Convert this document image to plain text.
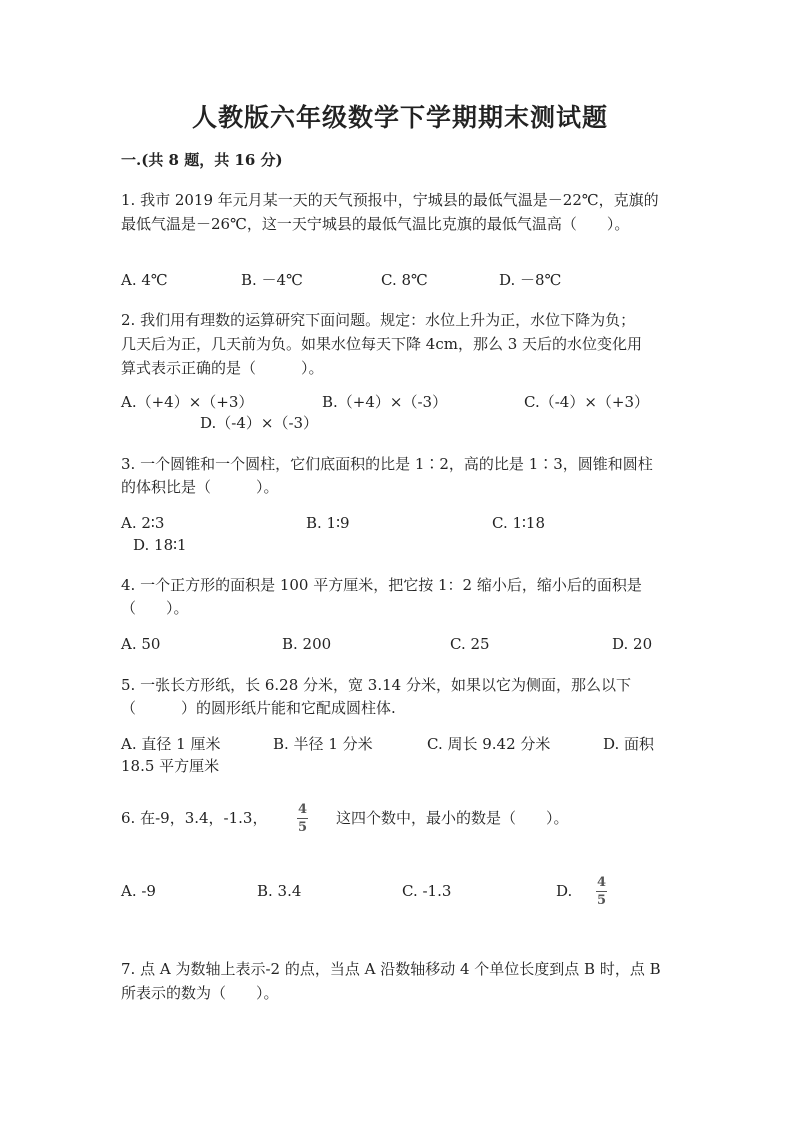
人教版六年级数学下学期期末测试题
一.(共 8 题，共 16 分)
1. 我市 2019 年元月某一天的天气预报中，宁城县的最低气温是－22℃，克旗的
最低气温是－26℃，这一天宁城县的最低气温比克旗的最低气温高（　　）。
A. 4℃	B. －4℃	C. 8℃	D. －8℃
2. 我们用有理数的运算研究下面问题。规定：水位上升为正，水位下降为负；
几天后为正，几天前为负。如果水位每天下降 4cm，那么 3 天后的水位变化用
算式表示正确的是（　　　）。
A.（+4）×（+3）	B.（+4）×（-3）	C.（-4）×（+3）
D.（-4）×（-3）
3. 一个圆锥和一个圆柱，它们底面积的比是 1∶2，高的比是 1∶3，圆锥和圆柱
的体积比是（　　　）。
A. 2∶3	B. 1∶9	C. 1∶18
D. 18∶1
4. 一个正方形的面积是 100 平方厘米，把它按 1：2 缩小后，缩小后的面积是
（　　）。
A. 50	B. 200	C. 25	D. 20
5. 一张长方形纸，长 6.28 分米，宽 3.14 分米，如果以它为侧面，那么以下
（　　　）的圆形纸片能和它配成圆柱体.
A. 直径 1 厘米	B. 半径 1 分米	C. 周长 9.42 分米	D. 面积
18.5 平方厘米
6. 在-9，3.4，-1.3， 4
5
这四个数中，最小的数是（　　）。
A. -9	B. 3.4	C. -1.3	D. 4
5
7. 点 A 为数轴上表示-2 的点，当点 A 沿数轴移动 4 个单位长度到点 B 时，点 B
所表示的数为（　　）。
